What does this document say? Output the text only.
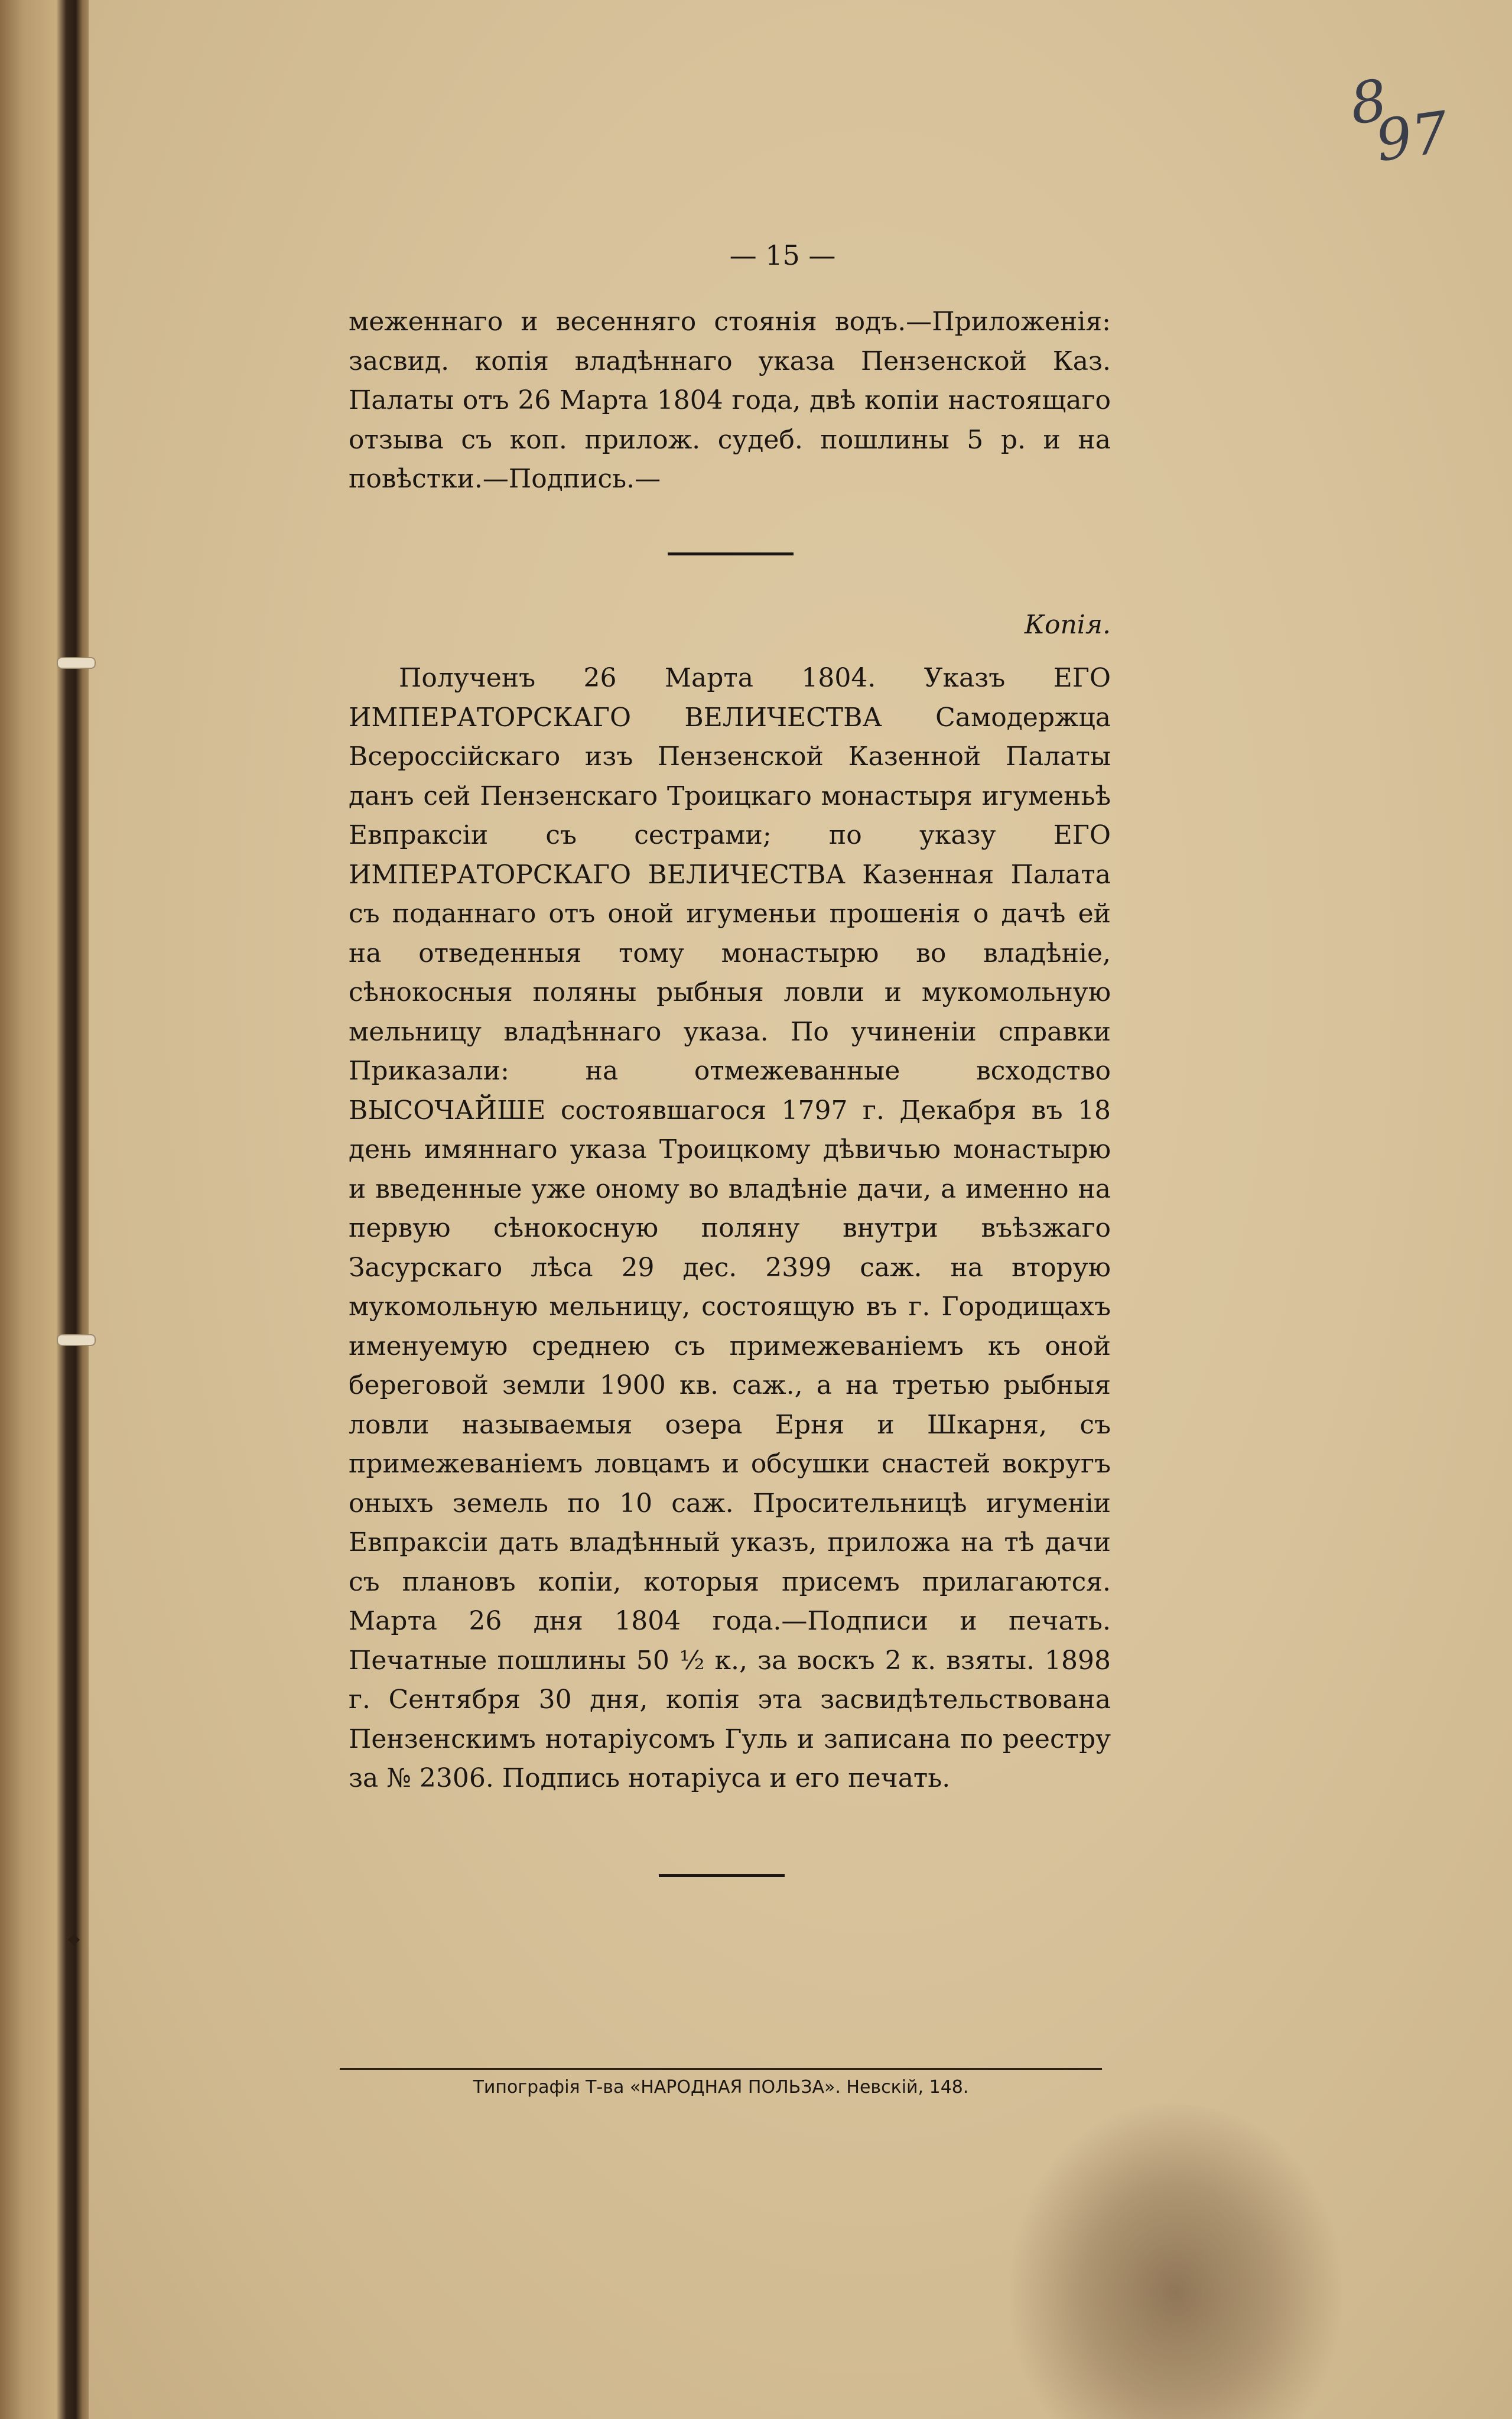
8
97
— 15 —

меженнаго и весенняго стоянія водъ.—Приложенія: засвид. копія владѣннаго указа Пензенской Каз. Палаты отъ 26 Марта 1804 года, двѣ копіи настоящаго отзыва съ коп. прилож. судеб. пошлины 5 р. и на повѣстки.—Подпись.—

Копія.

Полученъ 26 Марта 1804. Указъ ЕГО ИМПЕРАТОРСКАГО ВЕЛИЧЕСТВА Самодержца Всероссійскаго изъ Пензенской Казенной Палаты данъ сей Пензенскаго Троицкаго монастыря игуменьѣ Евпраксіи съ сестрами; по указу ЕГО ИМПЕРАТОРСКАГО ВЕЛИЧЕСТВА Казенная Палата съ поданнаго отъ оной игуменьи прошенія о дачѣ ей на отведенныя тому монастырю во владѣніе, сѣнокосныя поляны рыбныя ловли и мукомольную мельницу владѣннаго указа. По учиненіи справки Приказали: на отмежеванные всходство ВЫСОЧАЙШЕ состоявшагося 1797 г. Декабря въ 18 день имяннаго указа Троицкому дѣвичью монастырю и введенные уже оному во владѣніе дачи, а именно на первую сѣнокосную поляну внутри въѣзжаго Засурскаго лѣса 29 дес. 2399 саж. на вторую мукомольную мельницу, состоящую въ г. Городищахъ именуемую среднею съ примежеваніемъ къ оной береговой земли 1900 кв. саж., а на третью рыбныя ловли называемыя озера Ерня и Шкарня, съ примежеваніемъ ловцамъ и обсушки снастей вокругъ оныхъ земель по 10 саж. Просительницѣ игуменіи Евпраксіи дать владѣнный указъ, приложа на тѣ дачи съ плановъ копіи, которыя присемъ прилагаются. Марта 26 дня 1804 года.—Подписи и печать. Печатные пошлины 50 ½ к., за воскъ 2 к. взяты. 1898 г. Сентября 30 дня, копія эта засвидѣтельствована Пензенскимъ нотаріусомъ Гуль и записана по реестру за № 2306. Подпись нотаріуса и его печать.

Типографія Т-ва «НАРОДНАЯ ПОЛЬЗА». Невскій, 148.
